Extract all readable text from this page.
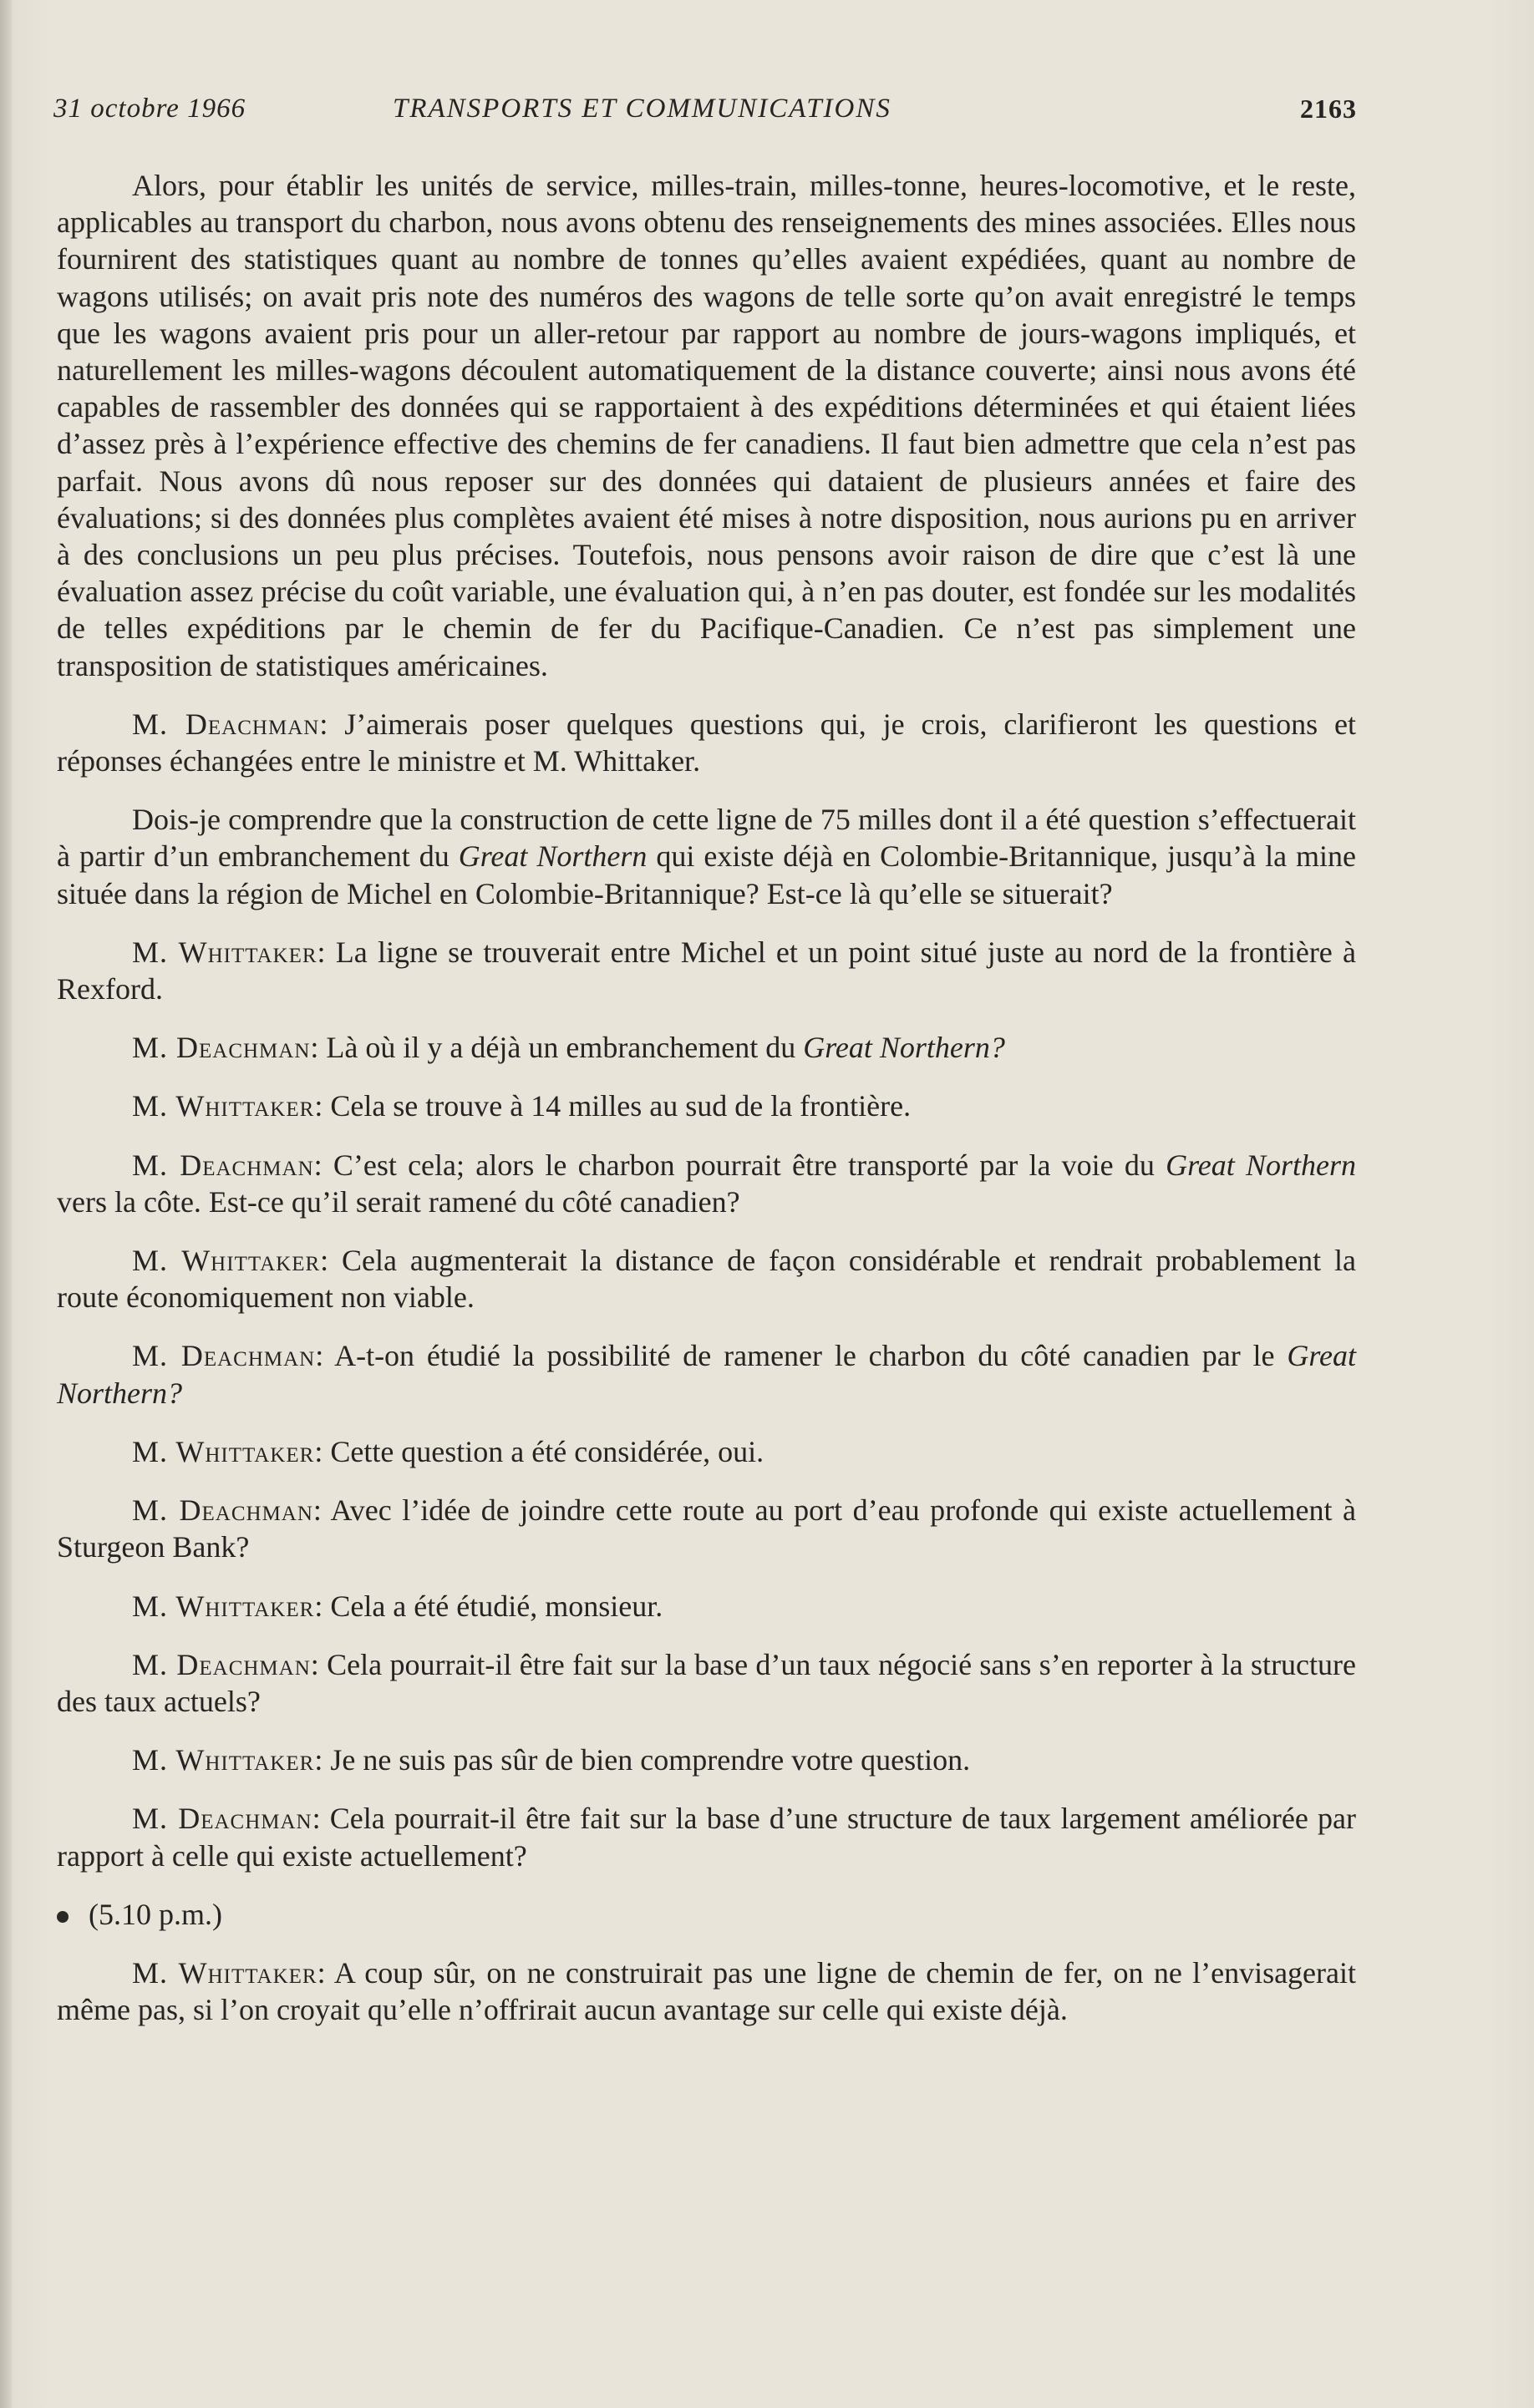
31 octobre 1966	TRANSPORTS ET COMMUNICATIONS	2163

Alors, pour établir les unités de service, milles-train, milles-tonne, heures-locomotive, et le reste, applicables au transport du charbon, nous avons obtenu des renseignements des mines associées. Elles nous fournirent des statistiques quant au nombre de tonnes qu’elles avaient expédiées, quant au nombre de wagons utilisés; on avait pris note des numéros des wagons de telle sorte qu’on avait enregistré le temps que les wagons avaient pris pour un aller-retour par rapport au nombre de jours-wagons impliqués, et naturellement les milles-wagons découlent automatiquement de la distance couverte; ainsi nous avons été capables de rassembler des données qui se rapportaient à des expéditions déterminées et qui étaient liées d’assez près à l’expérience effective des chemins de fer canadiens. Il faut bien admettre que cela n’est pas parfait. Nous avons dû nous reposer sur des données qui dataient de plusieurs années et faire des évaluations; si des données plus complètes avaient été mises à notre disposition, nous aurions pu en arriver à des conclusions un peu plus précises. Toutefois, nous pensons avoir raison de dire que c’est là une évaluation assez précise du coût variable, une évaluation qui, à n’en pas douter, est fondée sur les modalités de telles expéditions par le chemin de fer du Pacifique-Canadien. Ce n’est pas simplement une transposition de statistiques américaines.

M. Deachman: J’aimerais poser quelques questions qui, je crois, clarifieront les questions et réponses échangées entre le ministre et M. Whittaker.

Dois-je comprendre que la construction de cette ligne de 75 milles dont il a été question s’effectuerait à partir d’un embranchement du Great Northern qui existe déjà en Colombie-Britannique, jusqu’à la mine située dans la région de Michel en Colombie-Britannique? Est-ce là qu’elle se situerait?

M. Whittaker: La ligne se trouverait entre Michel et un point situé juste au nord de la frontière à Rexford.

M. Deachman: Là où il y a déjà un embranchement du Great Northern?

M. Whittaker: Cela se trouve à 14 milles au sud de la frontière.

M. Deachman: C’est cela; alors le charbon pourrait être transporté par la voie du Great Northern vers la côte. Est-ce qu’il serait ramené du côté canadien?

M. Whittaker: Cela augmenterait la distance de façon considérable et rendrait probablement la route économiquement non viable.

M. Deachman: A-t-on étudié la possibilité de ramener le charbon du côté canadien par le Great Northern?

M. Whittaker: Cette question a été considérée, oui.

M. Deachman: Avec l’idée de joindre cette route au port d’eau profonde qui existe actuellement à Sturgeon Bank?

M. Whittaker: Cela a été étudié, monsieur.

M. Deachman: Cela pourrait-il être fait sur la base d’un taux négocié sans s’en reporter à la structure des taux actuels?

M. Whittaker: Je ne suis pas sûr de bien comprendre votre question.

M. Deachman: Cela pourrait-il être fait sur la base d’une structure de taux largement améliorée par rapport à celle qui existe actuellement?

(5.10 p.m.)

M. Whittaker: A coup sûr, on ne construirait pas une ligne de chemin de fer, on ne l’envisagerait même pas, si l’on croyait qu’elle n’offrirait aucun avantage sur celle qui existe déjà.
